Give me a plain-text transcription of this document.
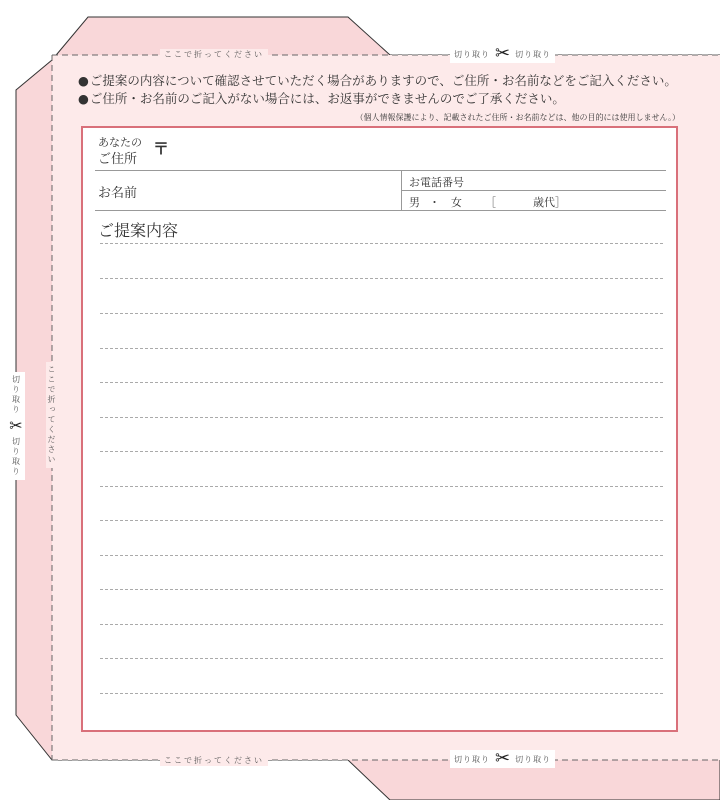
ここで折ってください
ここで折ってください
ここで折ってください
切り取り ✂ 切り取り
切り取り ✂ 切り取り
切り取り
✂
切り取り
●ご提案の内容について確認させていただく場合がありますので、ご住所・お名前などをご記入ください。
●ご住所・お名前のご記入がない場合には、お返事ができませんのでご了承ください。
（個人情報保護により、記載されたご住所・お名前などは、他の目的には使用しません。）
あなたの
ご住所
〒
お名前
お電話番号
男 ・ 女 ［	歳代］
ご提案内容
